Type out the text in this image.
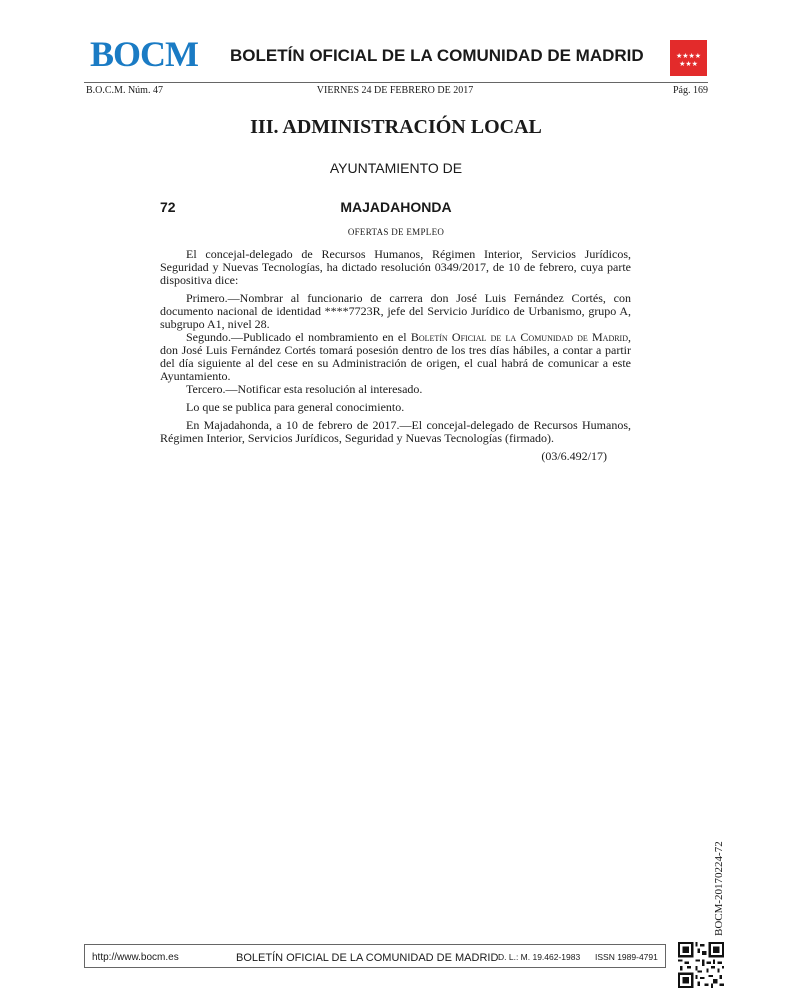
BOCM BOLETÍN OFICIAL DE LA COMUNIDAD DE MADRID	★★★★
★★★
B.O.C.M. Núm. 47	VIERNES 24 DE FEBRERO DE 2017	Pág. 169
III. ADMINISTRACIÓN LOCAL
AYUNTAMIENTO DE
72	MAJADAHONDA
OFERTAS DE EMPLEO

El concejal-delegado de Recursos Humanos, Régimen Interior, Servicios Jurídicos, Seguridad y Nuevas Tecnologías, ha dictado resolución 0349/2017, de 10 de febrero, cuya parte dispositiva dice:

Primero.—Nombrar al funcionario de carrera don José Luis Fernández Cortés, con documento nacional de identidad ****7723R, jefe del Servicio Jurídico de Urbanismo, grupo A, subgrupo A1, nivel 28.

Segundo.—Publicado el nombramiento en el Boletín Oficial de la Comunidad de Madrid, don José Luis Fernández Cortés tomará posesión dentro de los tres días hábiles, a contar a partir del día siguiente al del cese en su Administración de origen, el cual habrá de comunicar a este Ayuntamiento.

Tercero.—Notificar esta resolución al interesado.

Lo que se publica para general conocimiento.

En Majadahonda, a 10 de febrero de 2017.—El concejal-delegado de Recursos Humanos, Régimen Interior, Servicios Jurídicos, Seguridad y Nuevas Tecnologías (firmado).

(03/6.492/17)
BOCM-20170224-72
http://www.bocm.es	BOLETÍN OFICIAL DE LA COMUNIDAD DE MADRID D. L.: M. 19.462-1983 ISSN 1989-4791
